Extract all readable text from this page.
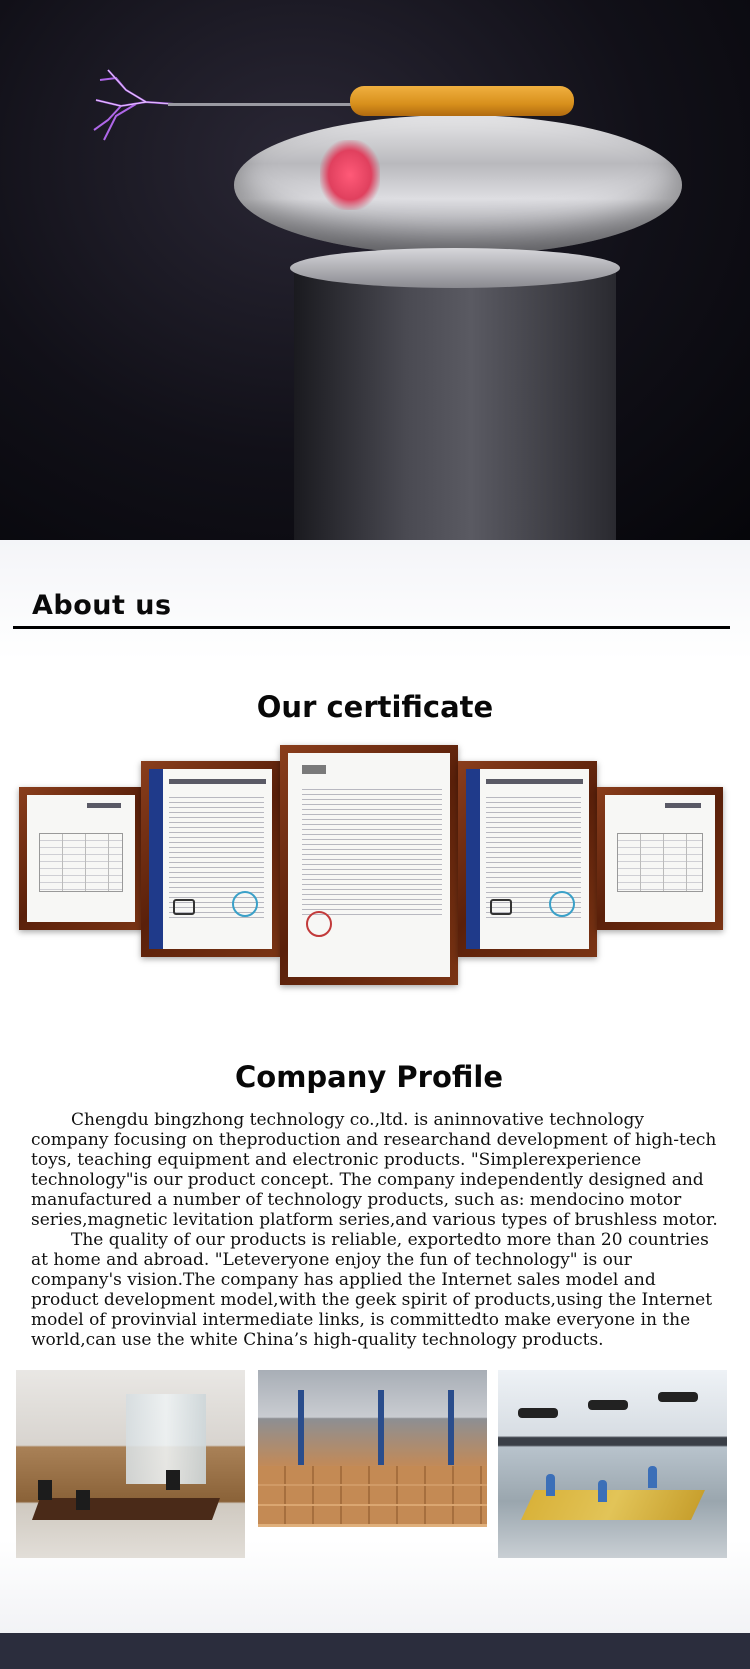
About us
Our certificate
Company Profile

Chengdu bingzhong technology co.,ltd. is aninnovative technology company focusing on theproduction and researchand development of high-tech toys, teaching equipment and electronic products. "Simplerexperience technology"is our product concept. The company independently designed and manufactured a number of technology products, such as: mendocino motor series,magnetic levitation platform series,and various types of brushless motor.

The quality of our products is reliable, exportedto more than 20 countries at home and abroad. "Leteveryone enjoy the fun of technology" is our company's vision.The company has applied the Internet sales model and product development model,with the geek spirit of products,using the Internet model of provinvial intermediate links, is committedto make everyone in the world,can use the white China’s high-quality technology products.
